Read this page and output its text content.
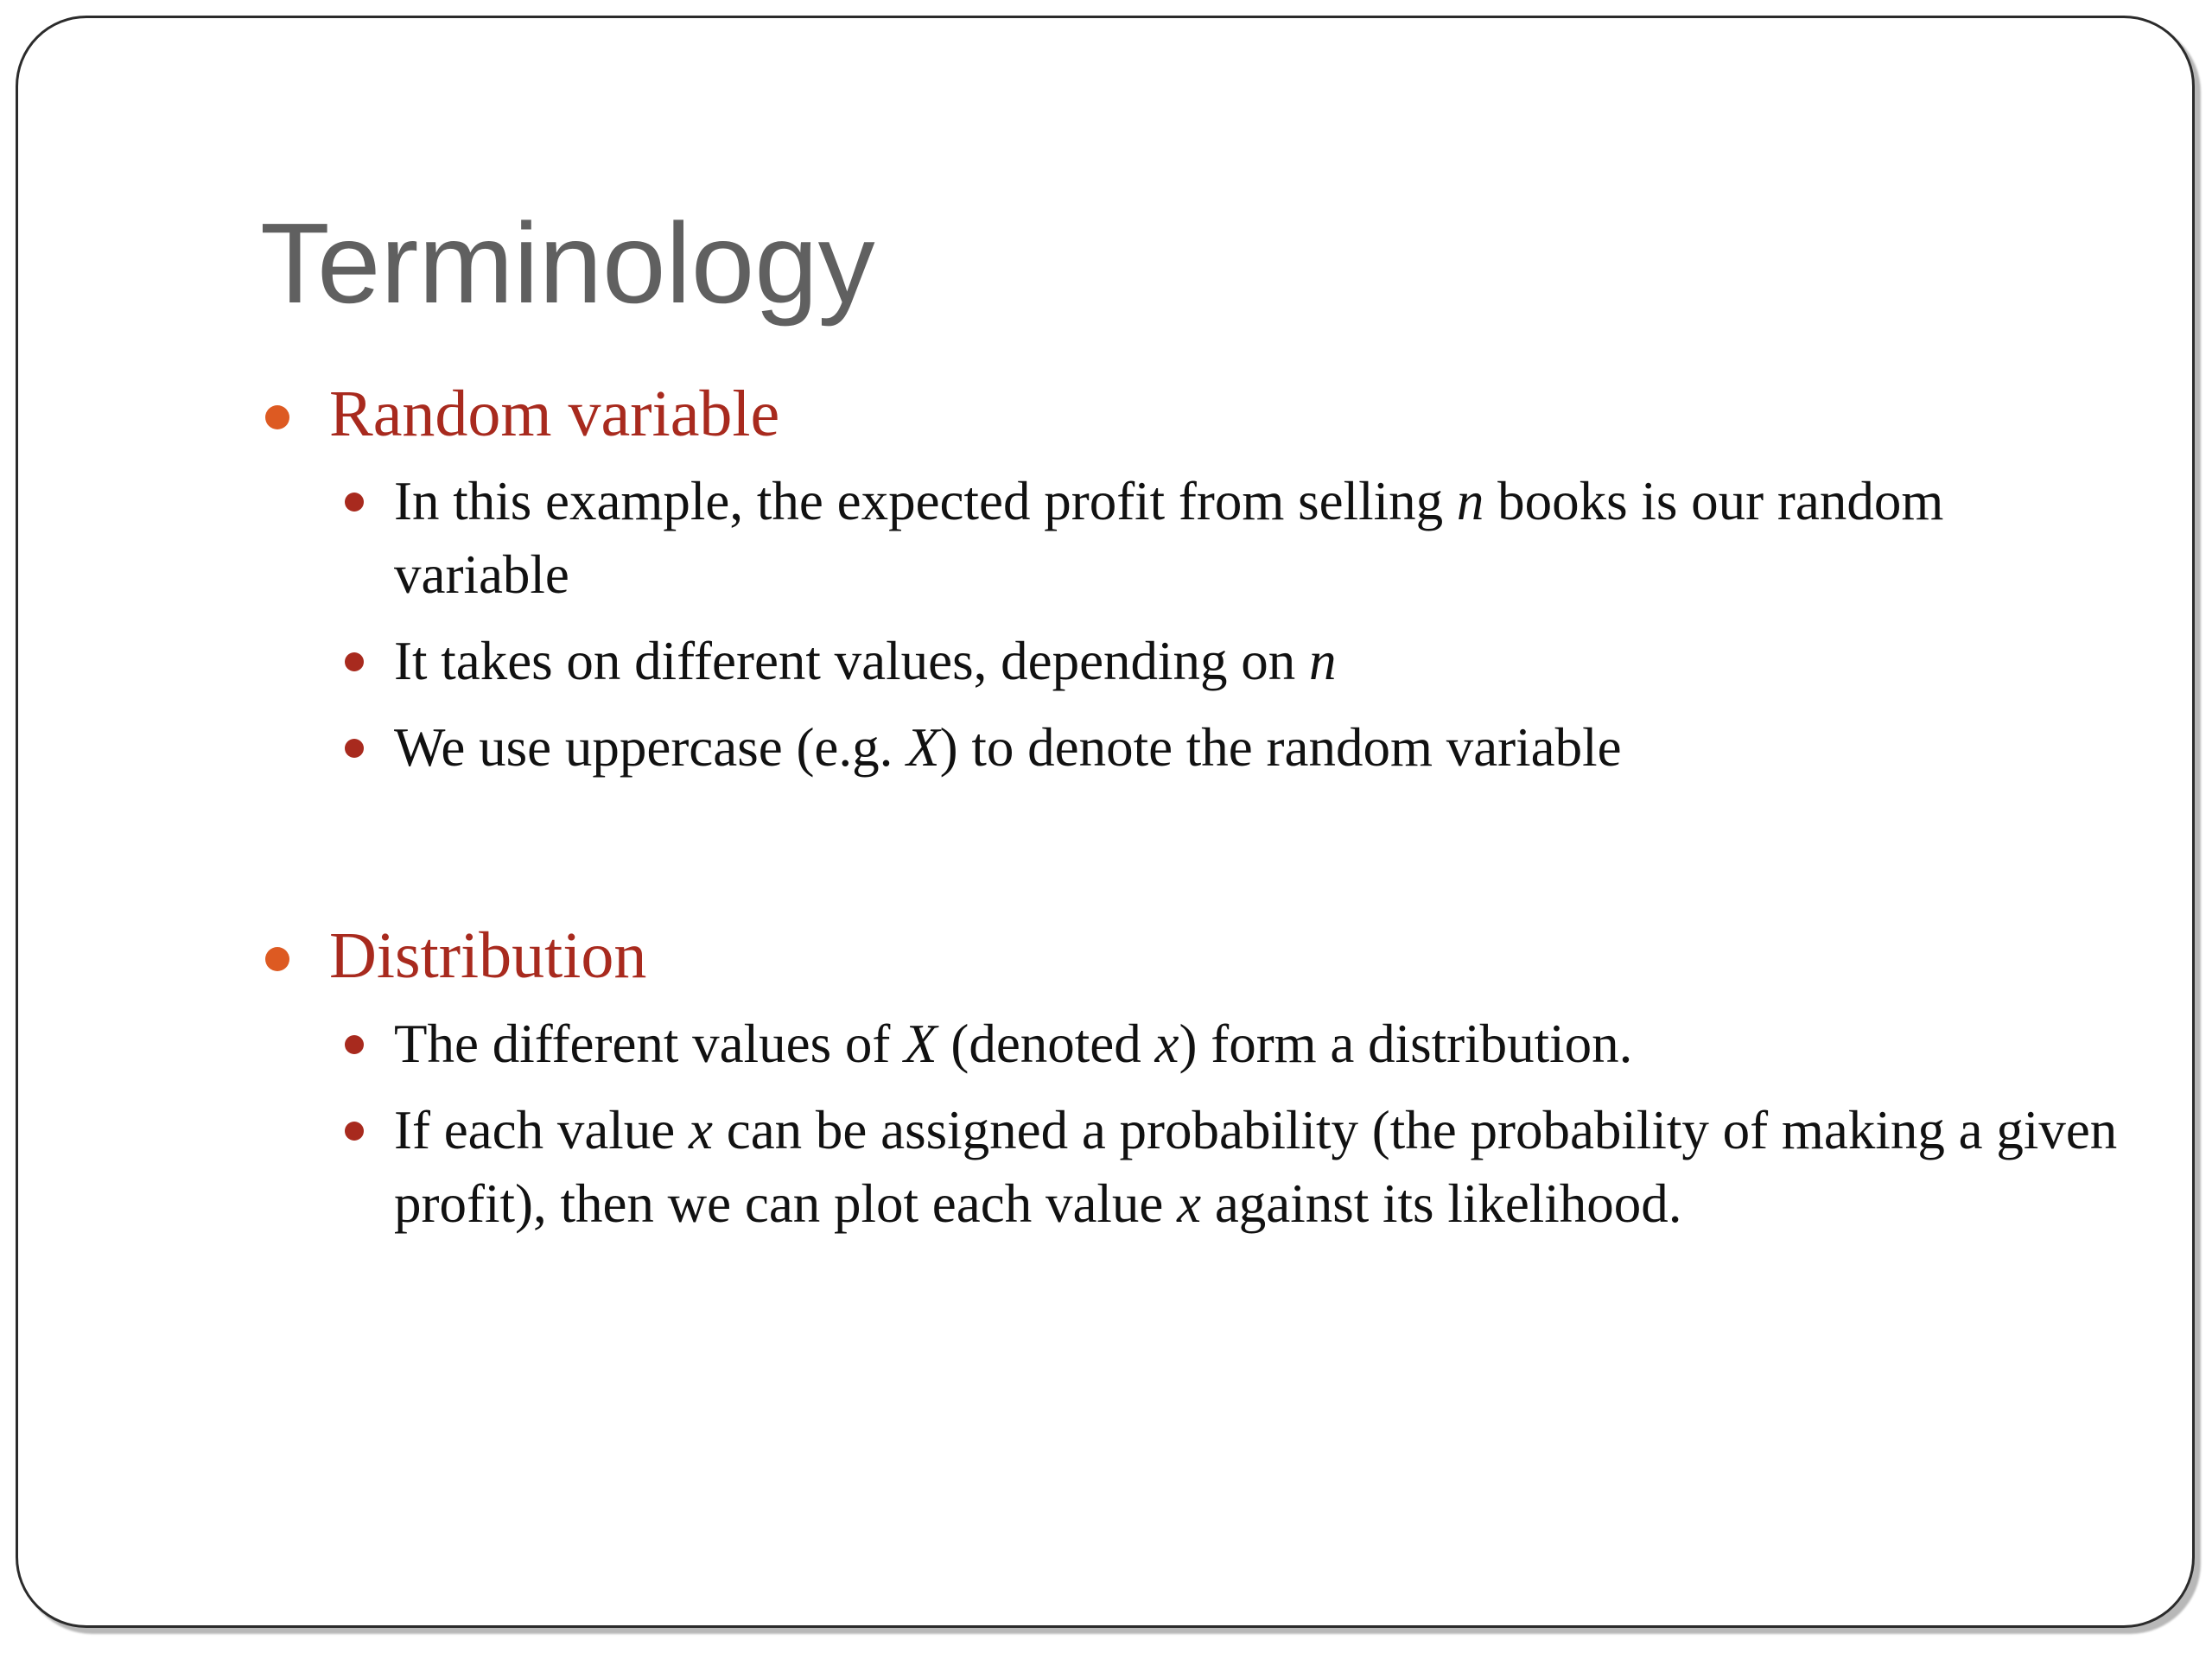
Terminology
Random variable
In this example, the expected profit from selling n books is our random variable
It takes on different values, depending on n
We use uppercase (e.g. X) to denote the random variable
Distribution
The different values of X (denoted x) form a distribution.
If each value x can be assigned a probability (the probability of making a given profit), then we can plot each value x against its likelihood.
